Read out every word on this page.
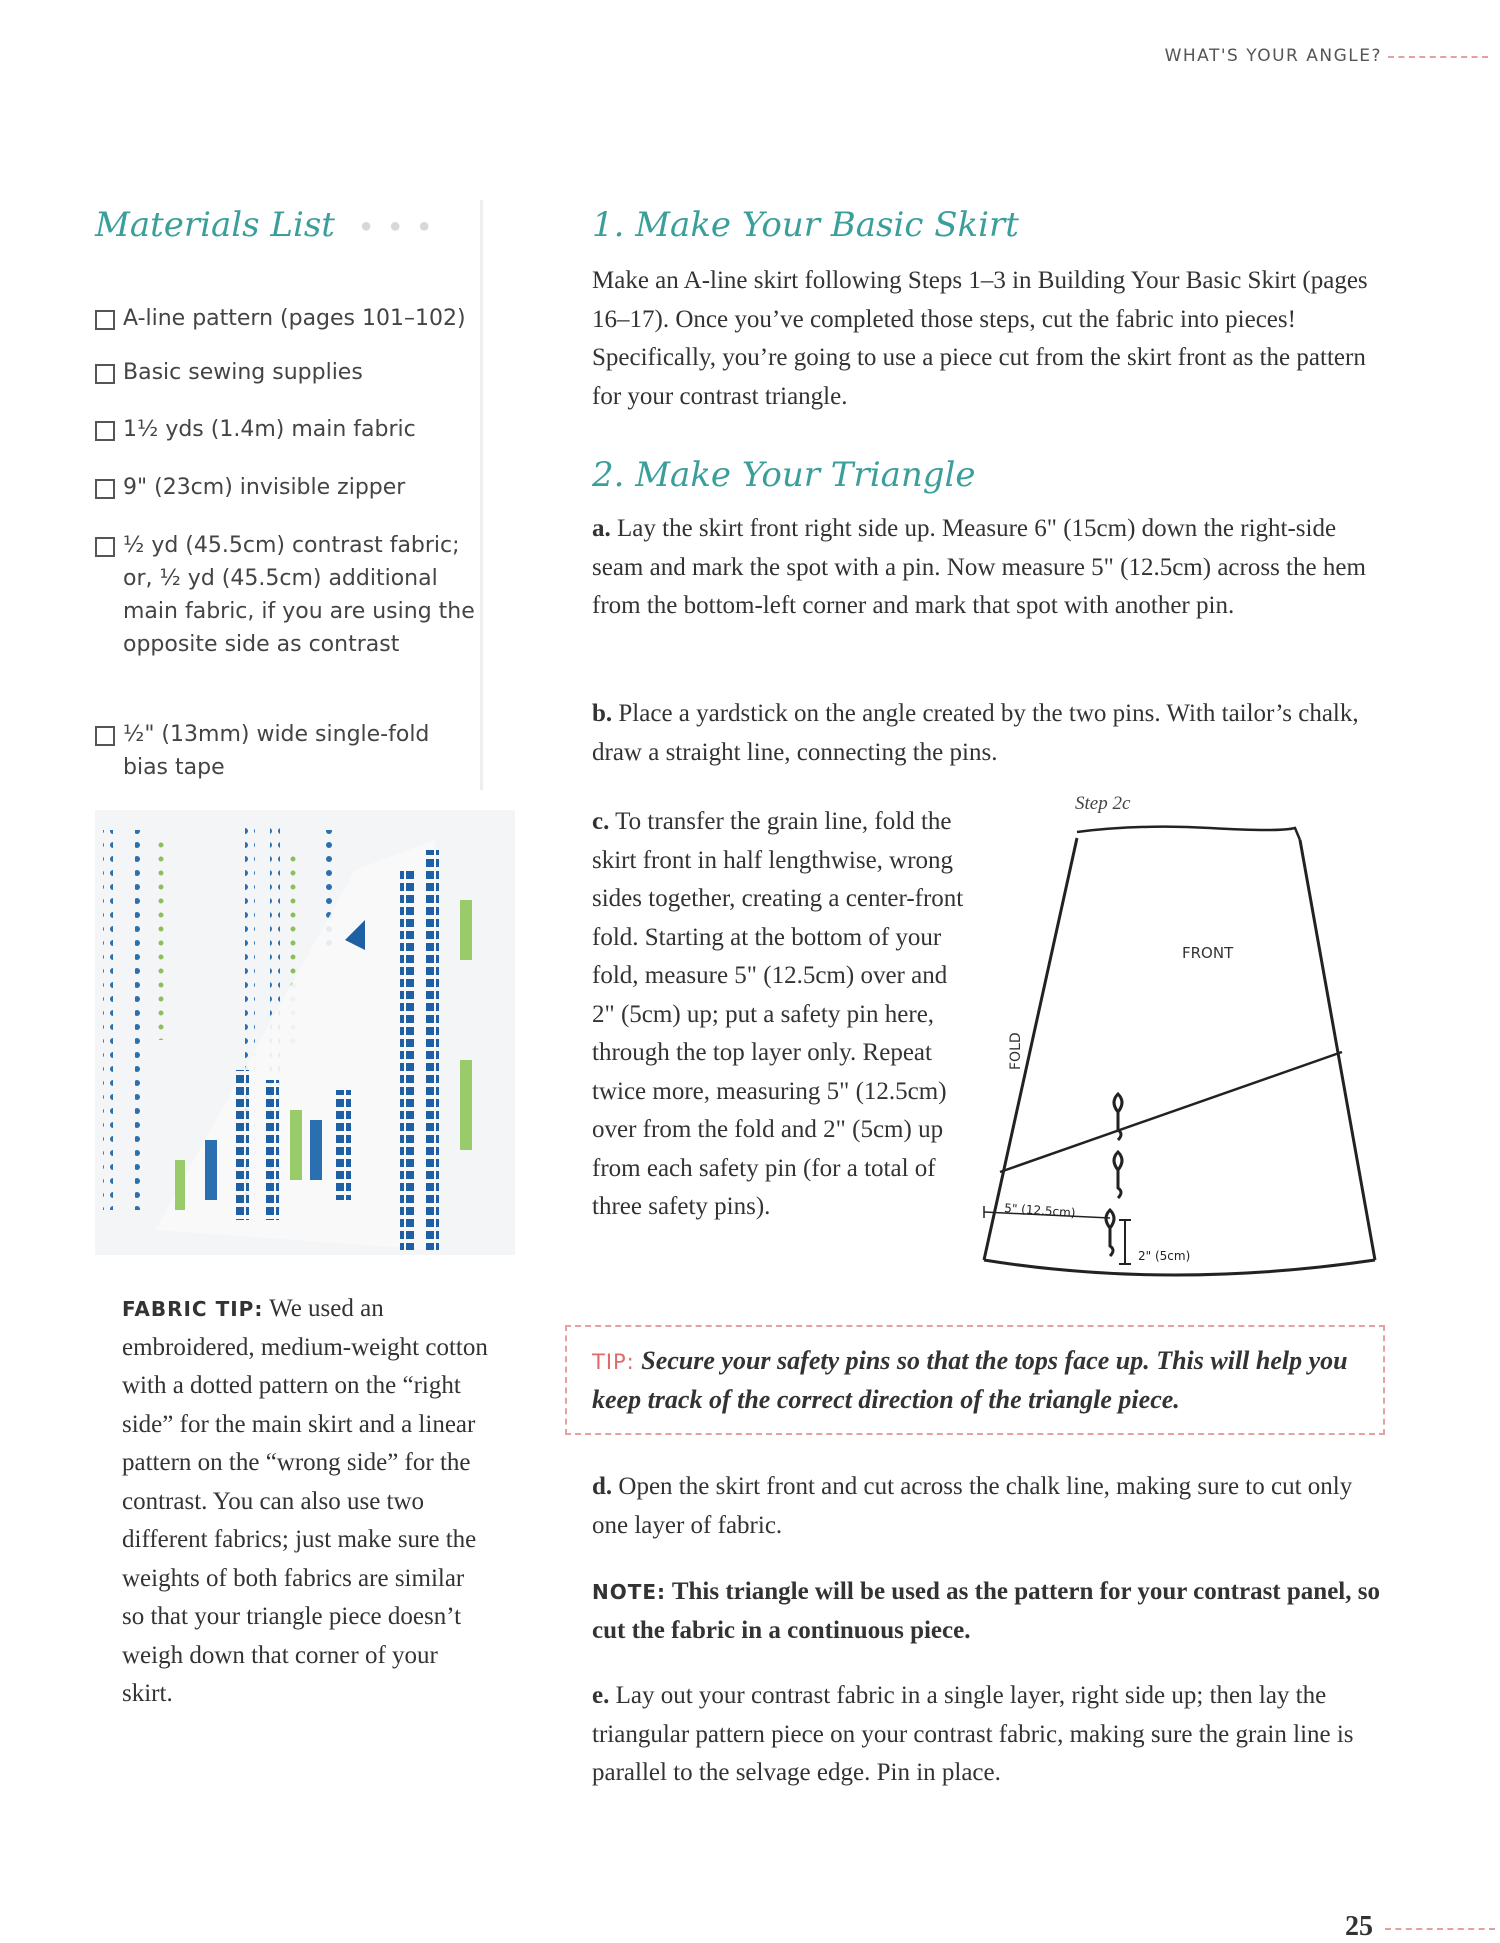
WHAT'S YOUR ANGLE?
Materials List ● ● ●
A-line pattern (pages 101–102)
Basic sewing supplies
1½ yds (1.4m) main fabric
9" (23cm) invisible zipper
½ yd (45.5cm) contrast fabric; or, ½ yd (45.5cm) additional main fabric, if you are using the opposite side as contrast
½" (13mm) wide single-fold bias tape
FABRIC TIP: We used an embroidered, medium-weight cotton with a dotted pattern on the “right side” for the main skirt and a linear pattern on the “wrong side” for the contrast. You can also use two different fabrics; just make sure the weights of both fabrics are similar so that your triangle piece doesn’t weigh down that corner of your skirt.
1. Make Your Basic Skirt
Make an A-line skirt following Steps 1–3 in Building Your Basic Skirt (pages 16–17). Once you’ve completed those steps, cut the fabric into pieces! Specifically, you’re going to use a piece cut from the skirt front as the pattern for your contrast triangle.
2. Make Your Triangle
a. Lay the skirt front right side up. Measure 6" (15cm) down the right-side seam and mark the spot with a pin. Now measure 5" (12.5cm) across the hem from the bottom-left corner and mark that spot with another pin.
b. Place a yardstick on the angle created by the two pins. With tailor’s chalk, draw a straight line, connecting the pins.
c. To transfer the grain line, fold the skirt front in half lengthwise, wrong sides together, creating a center-front fold. Starting at the bottom of your fold, measure 5" (12.5cm) over and 2" (5cm) up; put a safety pin here, through the top layer only. Repeat twice more, measuring 5" (12.5cm) over from the fold and 2" (5cm) up from each safety pin (for a total of three safety pins).
Step 2c
FRONT
FOLD
5" (12.5cm)
2" (5cm)
TIP: Secure your safety pins so that the tops face up. This will help you keep track of the correct direction of the triangle piece.
d. Open the skirt front and cut across the chalk line, making sure to cut only one layer of fabric.
NOTE: This triangle will be used as the pattern for your contrast panel, so cut the fabric in a continuous piece.
e. Lay out your contrast fabric in a single layer, right side up; then lay the triangular pattern piece on your contrast fabric, making sure the grain line is parallel to the selvage edge. Pin in place.
25
